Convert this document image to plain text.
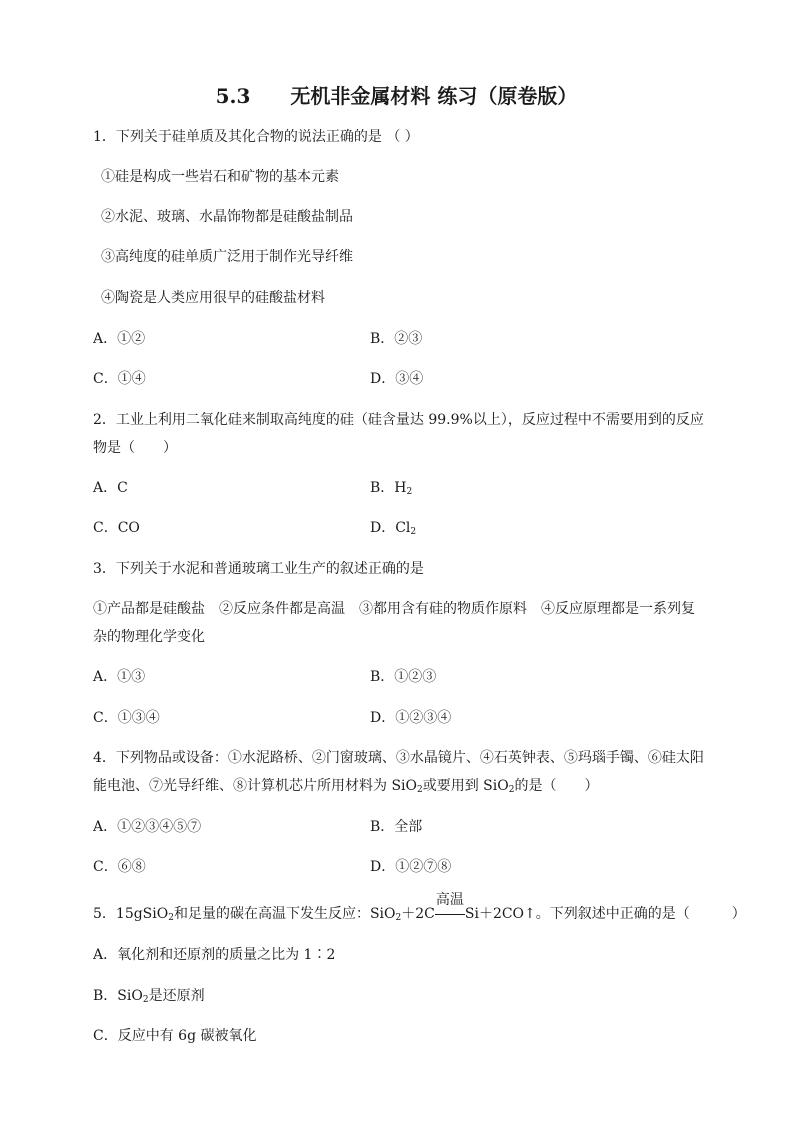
5.3 无机非金属材料 练习（原卷版）
1．下列关于硅单质及其化合物的说法正确的是 （ ）
①硅是构成一些岩石和矿物的基本元素
②水泥、玻璃、水晶饰物都是硅酸盐制品
③高纯度的硅单质广泛用于制作光导纤维
④陶瓷是人类应用很早的硅酸盐材料
A．①②	B．②③
C．①④	D．③④
2．工业上利用二氧化硅来制取高纯度的硅（硅含量达 99.9%以上），反应过程中不需要用到的反应
物是（　　）
A．C	B．$H_2$
C．CO	D．$Cl_2$
3．下列关于水泥和普通玻璃工业生产的叙述正确的是
①产品都是硅酸盐　②反应条件都是高温　③都用含有硅的物质作原料　④反应原理都是一系列复
杂的物理化学变化
A．①③	B．①②③
C．①③④	D．①②③④
4．下列物品或设备：①水泥路桥、②门窗玻璃、③水晶镜片、④石英钟表、⑤玛瑙手镯、⑥硅太阳
能电池、⑦光导纤维、⑧计算机芯片所用材料为 SiO$_2$或要用到 SiO$_2$的是（　　）
A．①②③④⑤⑦	B．全部
C．⑥⑧	D．①②⑦⑧
5．15gSiO$_2$和足量的碳在高温下发生反应：SiO$_2$＋2C
高温
Si＋2CO↑。下列叙述中正确的是（　　　）
A．氧化剂和还原剂的质量之比为 1∶2
B．SiO$_2$是还原剂
C．反应中有 6g 碳被氧化
